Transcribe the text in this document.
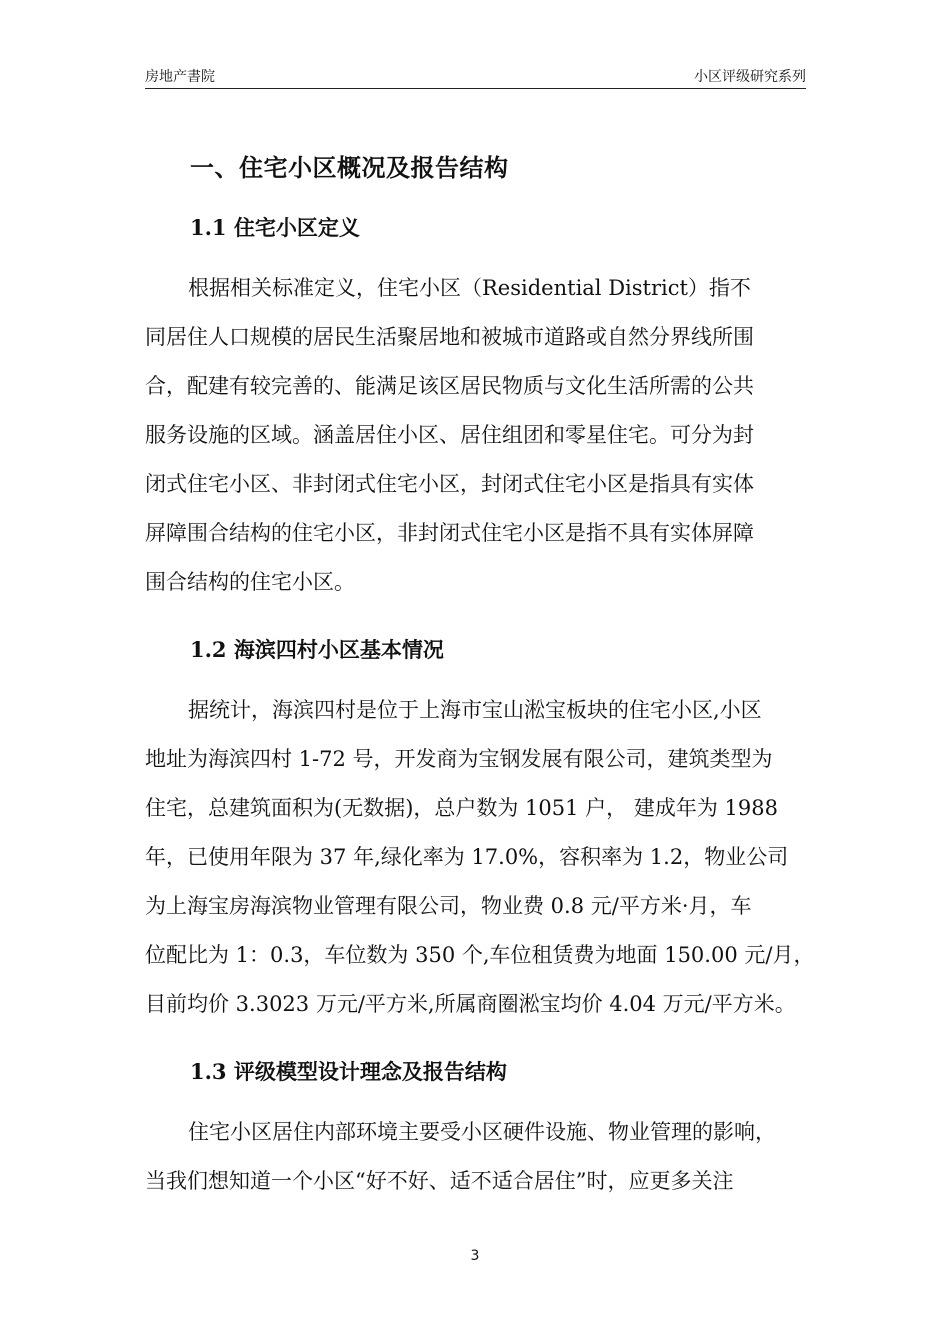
房地产書院	小区评级研究系列
一、住宅小区概况及报告结构
1.1 住宅小区定义
根据相关标准定义，住宅小区（Residential District）指不
同居住人口规模的居民生活聚居地和被城市道路或自然分界线所围
合，配建有较完善的、能满足该区居民物质与文化生活所需的公共
服务设施的区域。涵盖居住小区、居住组团和零星住宅。可分为封
闭式住宅小区、非封闭式住宅小区，封闭式住宅小区是指具有实体
屏障围合结构的住宅小区，非封闭式住宅小区是指不具有实体屏障
围合结构的住宅小区。
1.2 海滨四村小区基本情况
据统计，海滨四村是位于上海市宝山淞宝板块的住宅小区,小区
地址为海滨四村 1-72 号，开发商为宝钢发展有限公司，建筑类型为
住宅，总建筑面积为(无数据)，总户数为 1051 户， 建成年为 1988
年，已使用年限为 37 年,绿化率为 17.0%，容积率为 1.2，物业公司
为上海宝房海滨物业管理有限公司，物业费 0.8 元/平方米·月，车
位配比为 1：0.3，车位数为 350 个,车位租赁费为地面 150.00 元/月，
目前均价 3.3023 万元/平方米,所属商圈淞宝均价 4.04 万元/平方米。
1.3 评级模型设计理念及报告结构
住宅小区居住内部环境主要受小区硬件设施、物业管理的影响，
当我们想知道一个小区“好不好、适不适合居住”时，应更多关注
3
